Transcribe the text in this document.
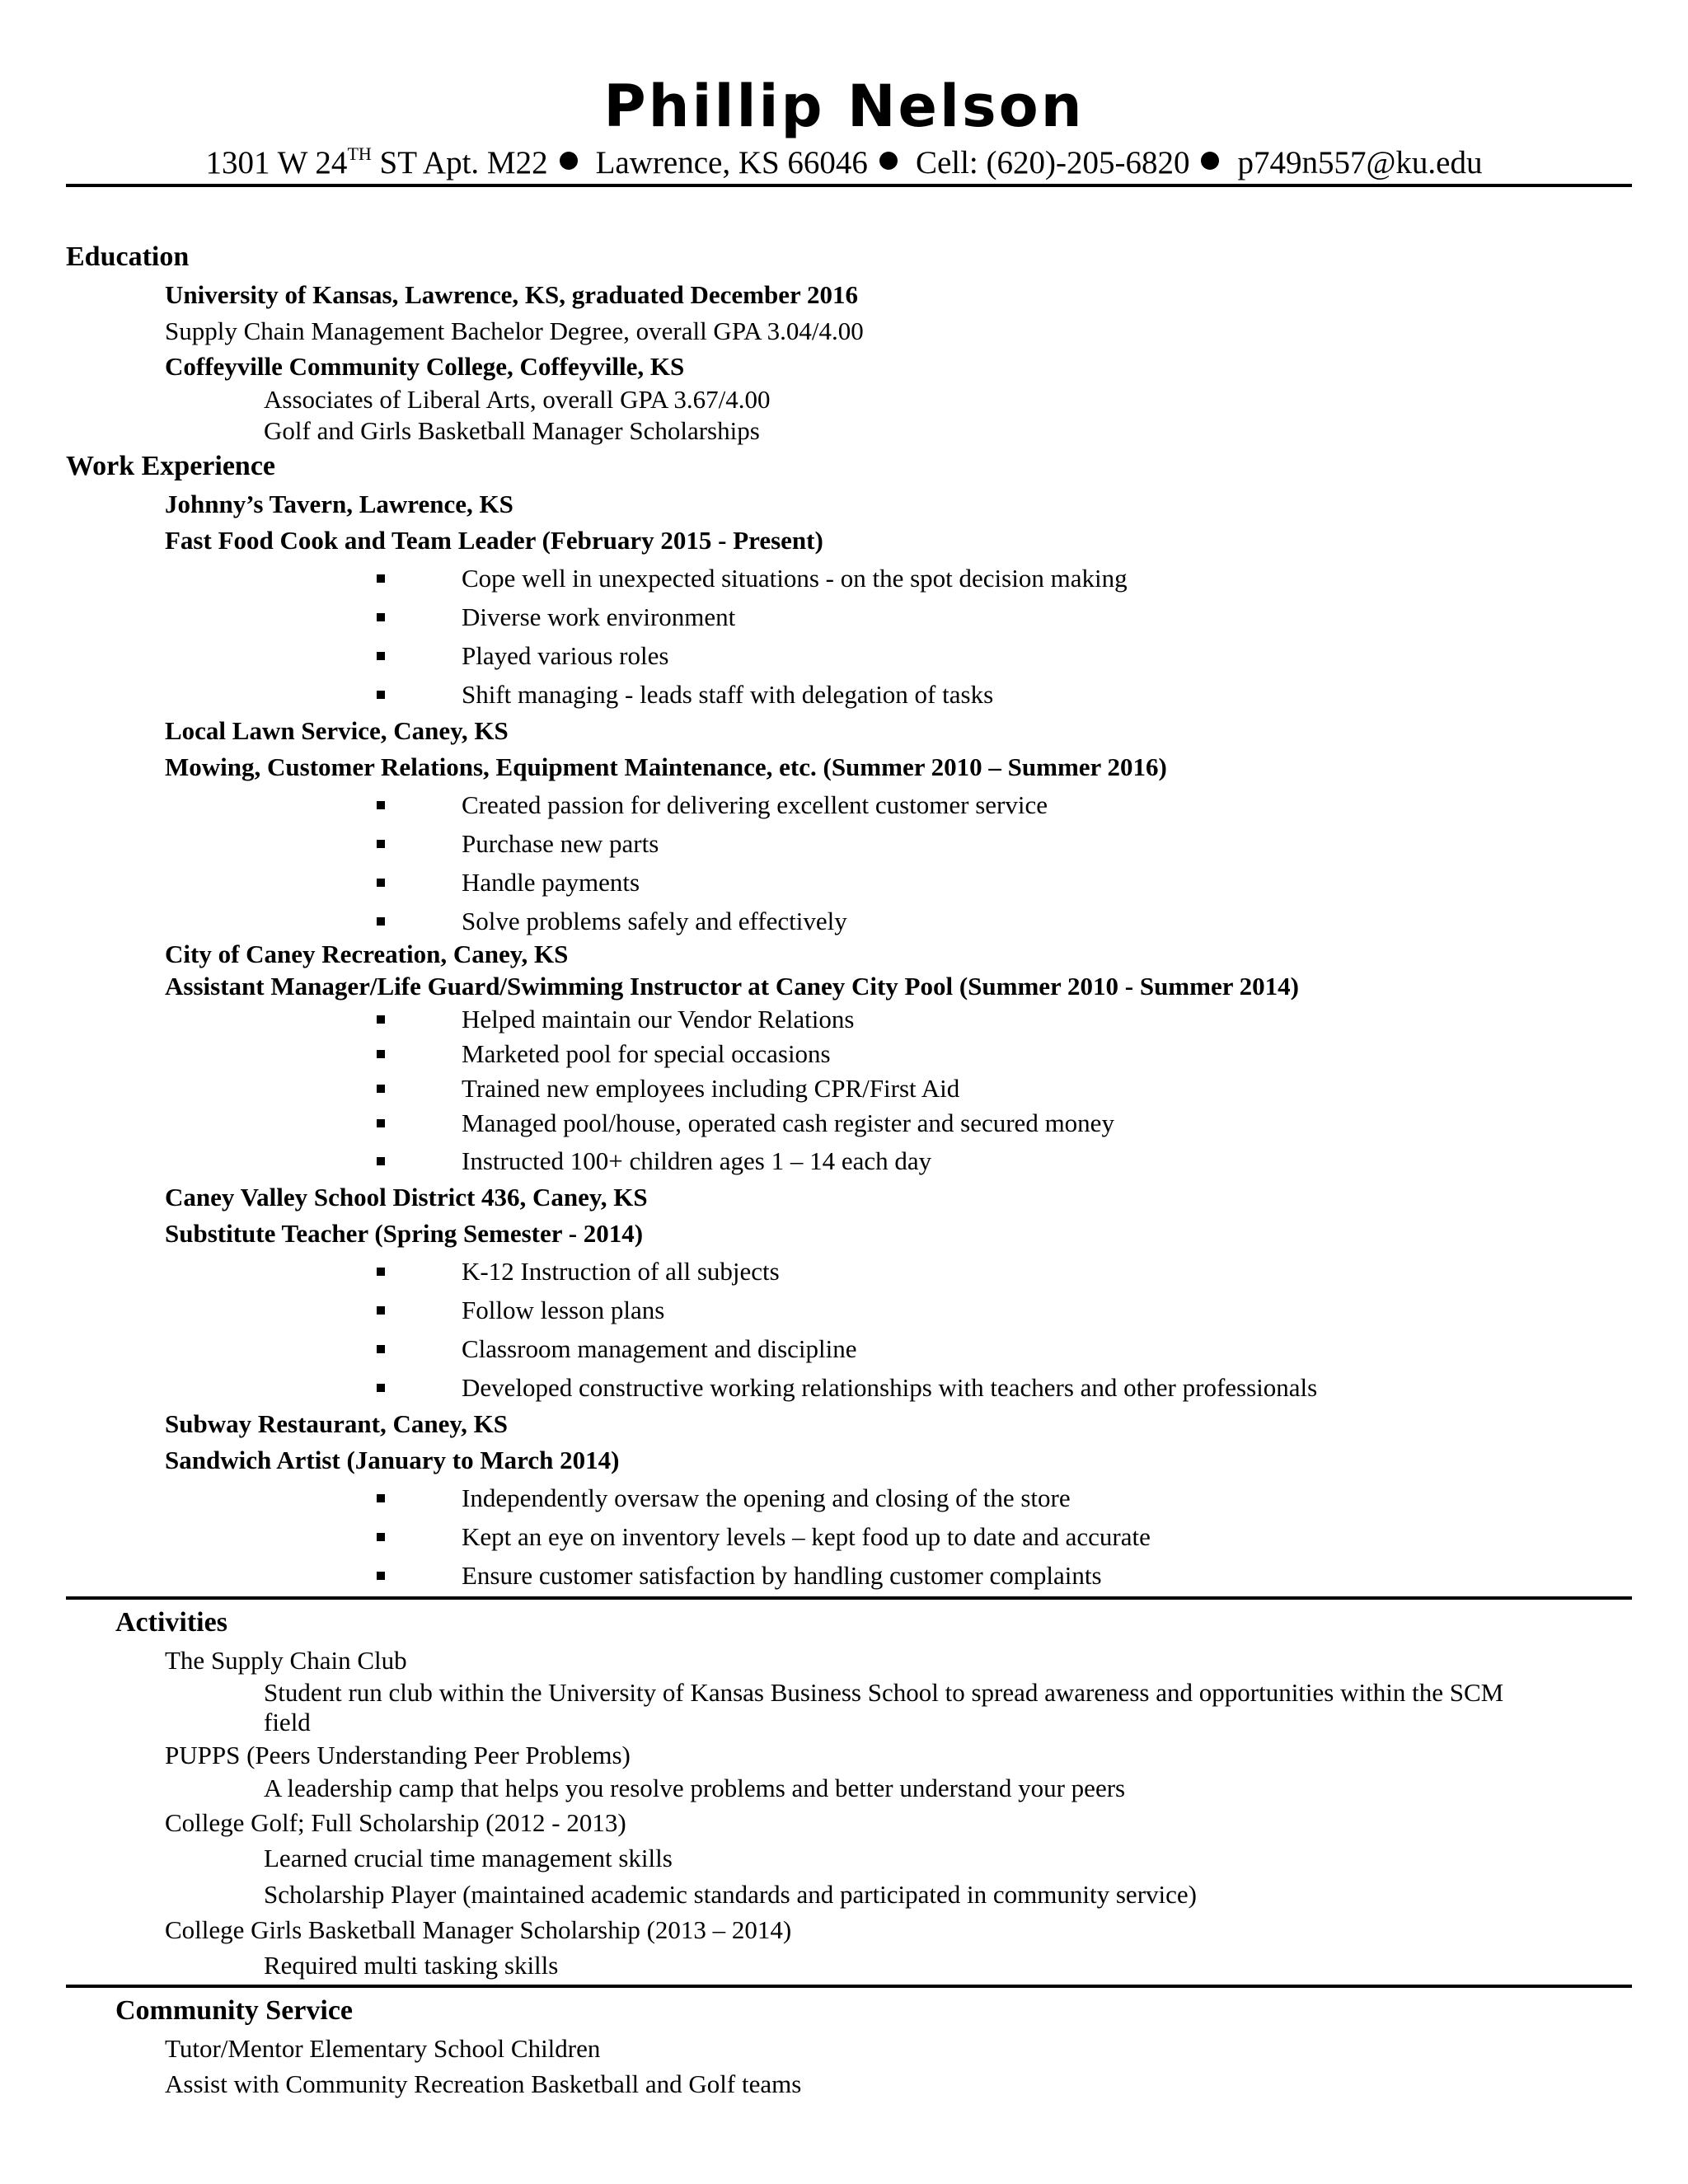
Phillip Nelson
1301 W 24TH ST Apt. M22 Lawrence, KS 66046 Cell: (620)-205-6820 p749n557@ku.edu
Education
University of Kansas, Lawrence, KS, graduated December 2016
Supply Chain Management Bachelor Degree, overall GPA 3.04/4.00
Coffeyville Community College, Coffeyville, KS
Associates of Liberal Arts, overall GPA 3.67/4.00
Golf and Girls Basketball Manager Scholarships
Work Experience
Johnny’s Tavern, Lawrence, KS
Fast Food Cook and Team Leader (February 2015 - Present)
Cope well in unexpected situations - on the spot decision making
Diverse work environment
Played various roles
Shift managing - leads staff with delegation of tasks
Local Lawn Service, Caney, KS
Mowing, Customer Relations, Equipment Maintenance, etc. (Summer 2010 – Summer 2016)
Created passion for delivering excellent customer service
Purchase new parts
Handle payments
Solve problems safely and effectively
City of Caney Recreation, Caney, KS
Assistant Manager/Life Guard/Swimming Instructor at Caney City Pool (Summer 2010 - Summer 2014)
Helped maintain our Vendor Relations
Marketed pool for special occasions
Trained new employees including CPR/First Aid
Managed pool/house, operated cash register and secured money
Instructed 100+ children ages 1 – 14 each day
Caney Valley School District 436, Caney, KS
Substitute Teacher (Spring Semester - 2014)
K-12 Instruction of all subjects
Follow lesson plans
Classroom management and discipline
Developed constructive working relationships with teachers and other professionals
Subway Restaurant, Caney, KS
Sandwich Artist (January to March 2014)
Independently oversaw the opening and closing of the store
Kept an eye on inventory levels – kept food up to date and accurate
Ensure customer satisfaction by handling customer complaints
Activities
The Supply Chain Club
Student run club within the University of Kansas Business School to spread awareness and opportunities within the SCM
field
PUPPS (Peers Understanding Peer Problems)
A leadership camp that helps you resolve problems and better understand your peers
College Golf; Full Scholarship (2012 - 2013)
Learned crucial time management skills
Scholarship Player (maintained academic standards and participated in community service)
College Girls Basketball Manager Scholarship (2013 – 2014)
Required multi tasking skills
Community Service
Tutor/Mentor Elementary School Children
Assist with Community Recreation Basketball and Golf teams
